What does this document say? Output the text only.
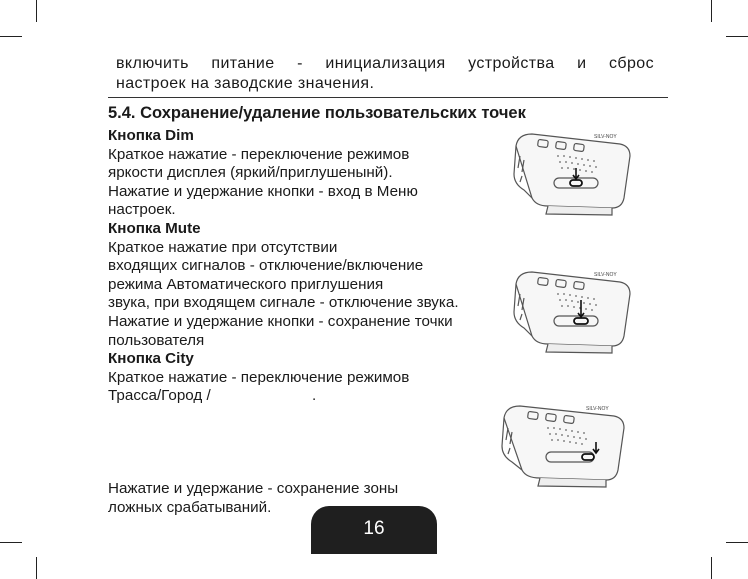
включить питание - инициализация устройства и сброс
настроек на заводские значения.
5.4. Сохранение/удаление пользовательских точек

Кнопка Dim

Краткое нажатие - переключение режимов

яркости дисплея (яркий/приглушенынй).

Нажатие и удержание кнопки - вход в Меню

настроек.

Кнопка Mute

Краткое нажатие при отсутствии

входящих сигналов - отключение/включение

режима Автоматического приглушения

звука, при входящем сигнале - отключение звука.

Нажатие и удержание кнопки - сохранение точки

пользователя

Кнопка City

Краткое нажатие - переключение режимов

Трасса/Город /                        .

Нажатие и удержание - сохранение зоны

ложных срабатываний.

SILV-NOY
SILV-NOY
SILV-NOY
16
